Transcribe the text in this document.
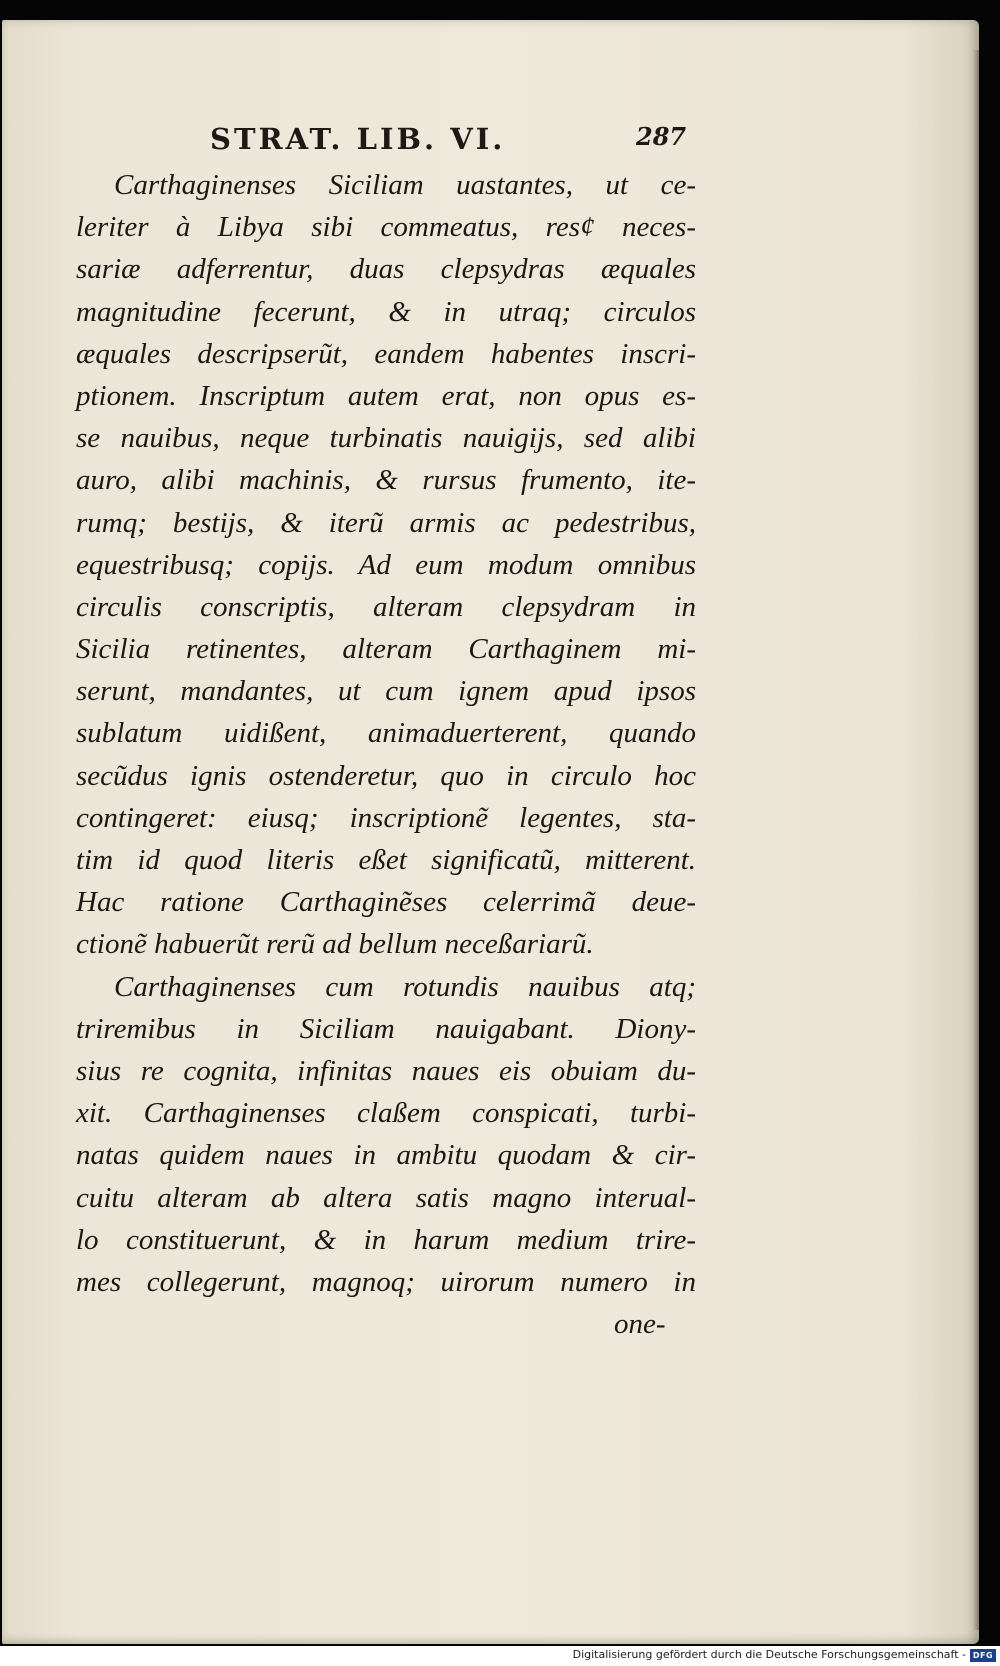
STRAT. LIB. VI.	287
Carthaginenses Siciliam uastantes, ut ce-
leriter à Libya sibi commeatus, res¢ neces-
sariæ adferrentur, duas clepsydras æquales
magnitudine fecerunt, & in utraq; circulos
æquales descripserũt, eandem habentes inscri-
ptionem. Inscriptum autem erat, non opus es-
se nauibus, neque turbinatis nauigijs, sed alibi
auro, alibi machinis, & rursus frumento, ite-
rumq; bestijs, & iterũ armis ac pedestribus,
equestribusq; copijs. Ad eum modum omnibus
circulis conscriptis, alteram clepsydram in
Sicilia retinentes, alteram Carthaginem mi-
serunt, mandantes, ut cum ignem apud ipsos
sublatum uidißent, animaduerterent, quando
secũdus ignis ostenderetur, quo in circulo hoc
contingeret: eiusq; inscriptionẽ legentes, sta-
tim id quod literis eßet significatũ, mitterent.
Hac ratione Carthaginẽses celerrimã deue-
ctionẽ habuerũt rerũ ad bellum neceßariarũ.
Carthaginenses cum rotundis nauibus atq;
triremibus in Siciliam nauigabant. Diony-
sius re cognita, infinitas naues eis obuiam du-
xit. Carthaginenses claßem conspicati, turbi-
natas quidem naues in ambitu quodam & cir-
cuitu alteram ab altera satis magno interual-
lo constituerunt, & in harum medium trire-
mes collegerunt, magnoq; uirorum numero in
one-
Digitalisierung gefördert durch die Deutsche Forschungsgemeinschaft - DFG
